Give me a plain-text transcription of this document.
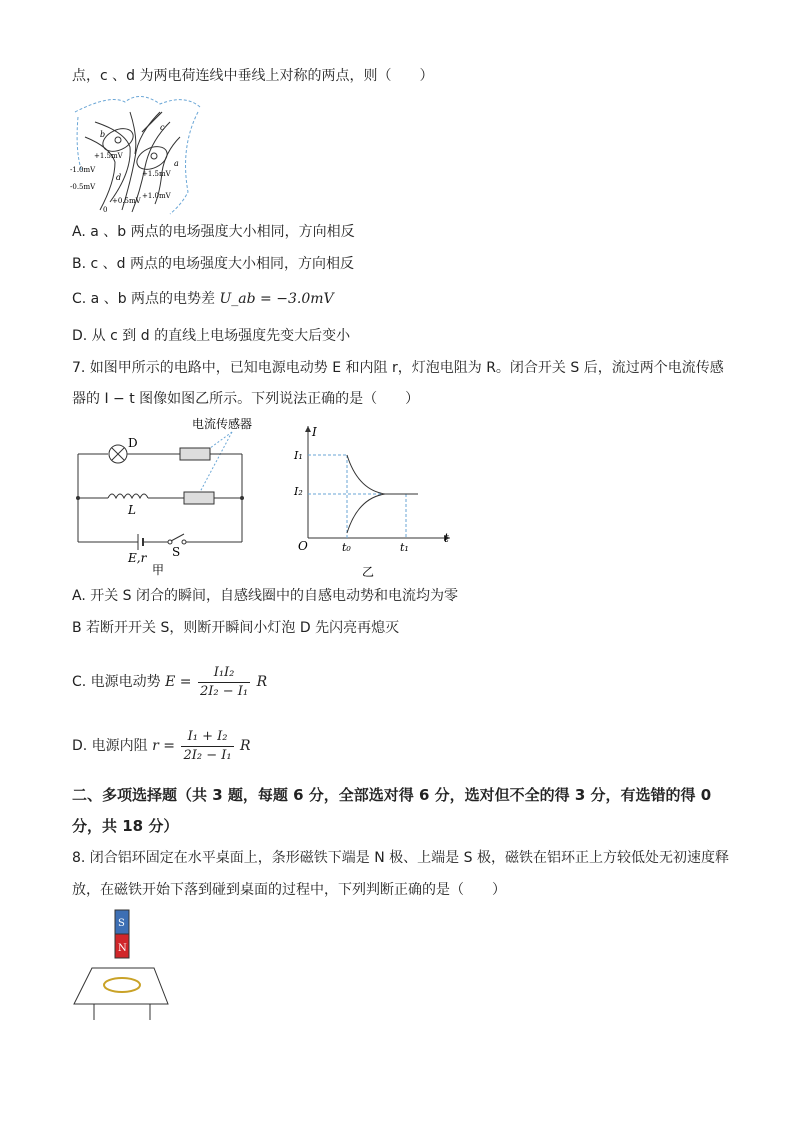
点，c 、d 为两电荷连线中垂线上对称的两点，则（　　）
b
c
a
d
0
+1.5mV
-1.0mV
-0.5mV
+1.5mV
+0.5mV
+1.0mV
A. a 、b 两点的电场强度大小相同，方向相反
B. c 、d 两点的电场强度大小相同，方向相反
C. a 、b 两点的电势差 U_ab = −3.0mV
D. 从 c 到 d 的直线上电场强度先变大后变小
7. 如图甲所示的电路中，已知电源电动势 E 和内阻 r，灯泡电阻为 R。闭合开关 S 后，流过两个电流传感
器的 I − t 图像如图乙所示。下列说法正确的是（　　）
电流传感器
D
L
E,r S
甲
I
t
O
I₁
I₂
t₀	t₁
乙
A. 开关 S 闭合的瞬间，自感线圈中的自感电动势和电流均为零
B 若断开开关 S，则断开瞬间小灯泡 D 先闪亮再熄灭
C. 电源电动势 $E = \frac{\text{I₁I₂}}{\text{2I₂ − I₁}}$ R
D. 电源内阻 $r = \frac{\text{I₁ + I₂}}{\text{2I₂ − I₁}}$ R
二、多项选择题（共 3 题，每题 6 分，全部选对得 6 分，选对但不全的得 3 分，有选错的得 0
分，共 18 分）
8. 闭合铝环固定在水平桌面上，条形磁铁下端是 N 极、上端是 S 极，磁铁在铝环正上方较低处无初速度释
放，在磁铁开始下落到碰到桌面的过程中，下列判断正确的是（　　）
S
N
